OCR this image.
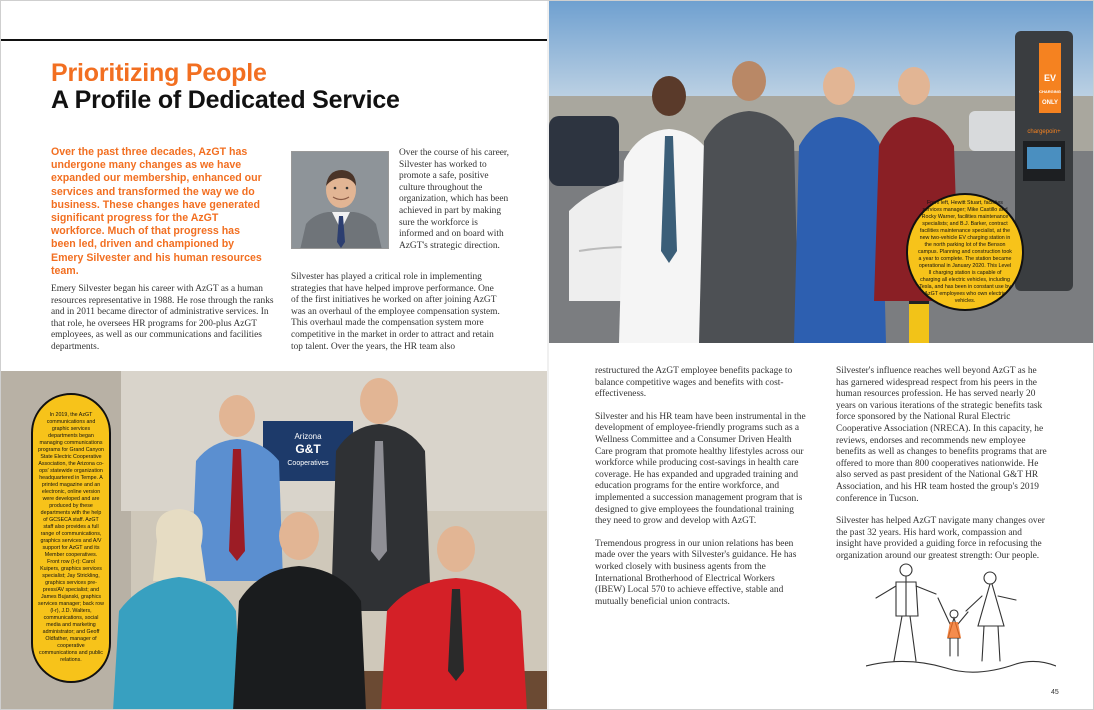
Prioritizing People
A Profile of Dedicated Service
Over the past three decades, AzGT has undergone many changes as we have expanded our membership, enhanced our services and transformed the way we do business. These changes have generated significant progress for the AzGT workforce. Much of that progress has been led, driven and championed by Emery Silvester and his human resources team.

Over the course of his career, Silvester has worked to promote a safe, positive culture throughout the organization, which has been achieved in part by making sure the workforce is informed and on board with AzGT's strategic direction.

Emery Silvester began his career with AzGT as a human resources representative in 1988. He rose through the ranks and in 2011 became director of administrative services. In that role, he oversees HR programs for 200-plus AzGT employees, as well as our communications and facilities departments.

Silvester has played a critical role in implementing strategies that have helped improve performance. One of the first initiatives he worked on after joining AzGT was an overhaul of the employee compensation system. This overhaul made the compensation system more competitive in the market in order to attract and retain top talent. Over the years, the HR team also

EV
CHARGING
ONLY
chargepoin+
From left, Hewitt Stuart, facilities services manager; Mike Castillo and Rocky Warner, facilities maintenance specialists; and B.J. Barker, contract facilities maintenance specialist, at the new two-vehicle EV charging station in the north parking lot of the Benson campus. Planning and construction took a year to complete. The station became operational in January 2020. This Level II charging station is capable of charging all electric vehicles, including Tesla, and has been in constant use by AzGT employees who own electric vehicles.
Arizona
G&T
Cooperatives
In 2019, the AzGT communications and graphic services departments began managing communications programs for Grand Canyon State Electric Cooperative Association, the Arizona co-ops' statewide organization headquartered in Tempe. A printed magazine and an electronic, online version were developed and are produced by these departments with the help of GCSECA staff. AzGT staff also provides a full range of communications, graphics services and A/V support for AzGT and its Member cooperatives. Front row (l-r): Carol Kuipers, graphics services specialist; Jay Strickling, graphics services pre-press/AV specialist; and James Bujanski, graphics services manager; back row (l-r), J.D. Walters, communications, social media and marketing administrator; and Geoff Oldfather, manager of cooperative communications and public relations.

restructured the AzGT employee benefits package to balance competitive wages and benefits with cost-effectiveness.

Silvester and his HR team have been instrumental in the development of employee-friendly programs such as a Wellness Committee and a Consumer Driven Health Care program that promote healthy lifestyles across our workforce while producing cost-savings in health care coverage. He has expanded and upgraded training and education programs for the entire workforce, and implemented a succession management program that is designed to give employees the foundational training they need to grow and develop with AzGT.

Tremendous progress in our union relations has been made over the years with Silvester's guidance. He has worked closely with business agents from the International Brotherhood of Electrical Workers (IBEW) Local 570 to achieve effective, stable and mutually beneficial union contracts.

Silvester's influence reaches well beyond AzGT as he has garnered widespread respect from his peers in the human resources profession. He has served nearly 20 years on various iterations of the strategic benefits task force sponsored by the National Rural Electric Cooperative Association (NRECA). In this capacity, he reviews, endorses and recommends new employee benefits as well as changes to benefits programs that are offered to more than 800 cooperatives nationwide. He also served as past president of the National G&T HR Association, and his HR team hosted the group's 2019 conference in Tucson.

Silvester has helped AzGT navigate many changes over the past 32 years. His hard work, compassion and insight have provided a guiding force in refocusing the organization around our greatest strength: Our people.

45
